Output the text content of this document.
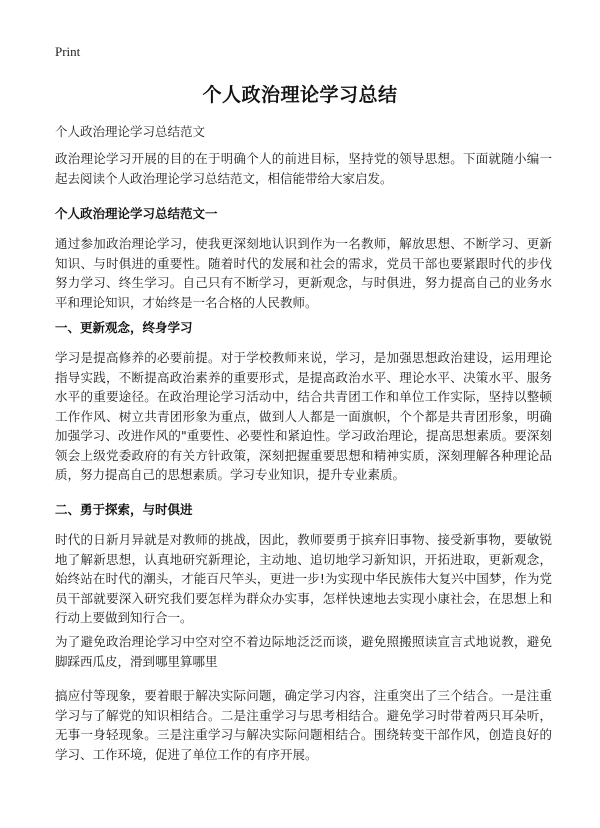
Print
个人政治理论学习总结
个人政治理论学习总结范文

政治理论学习开展的目的在于明确个人的前进目标，坚持党的领导思想。下面就随小编一起去阅读个人政治理论学习总结范文，相信能带给大家启发。

个人政治理论学习总结范文一

通过参加政治理论学习，使我更深刻地认识到作为一名教师，解放思想、不断学习、更新知识、与时俱进的重要性。随着时代的发展和社会的需求，党员干部也要紧跟时代的步伐努力学习、终生学习。自己只有不断学习，更新观念，与时俱进，努力提高自己的业务水平和理论知识，才始终是一名合格的人民教师。

一、更新观念，终身学习

学习是提高修养的必要前提。对于学校教师来说，学习，是加强思想政治建设，运用理论指导实践，不断提高政治素养的重要形式，是提高政治水平、理论水平、决策水平、服务水平的重要途径。在政治理论学习活动中，结合共青团工作和单位工作实际，坚持以整顿工作作风、树立共青团形象为重点，做到人人都是一面旗帜，个个都是共青团形象，明确加强学习、改进作风的"重要性、必要性和紧迫性。学习政治理论，提高思想素质。要深刻领会上级党委政府的有关方针政策，深刻把握重要思想和精神实质，深刻理解各种理论品质，努力提高自己的思想素质。学习专业知识，提升专业素质。

二、勇于探索，与时俱进

时代的日新月异就是对教师的挑战，因此，教师要勇于摈弃旧事物、接受新事物，要敏锐地了解新思想，认真地研究新理论，主动地、追切地学习新知识，开拓进取，更新观念，始终站在时代的潮头，才能百尺竿头，更进一步!为实现中华民族伟大复兴中国梦，作为党员干部就要深入研究我们要怎样为群众办实事，怎样快速地去实现小康社会，在思想上和行动上要做到知行合一。

为了避免政治理论学习中空对空不着边际地泛泛而谈，避免照搬照读宣言式地说教，避免脚踩西瓜皮，滑到哪里算哪里

搞应付等现象，要着眼于解决实际问题，确定学习内容，注重突出了三个结合。一是注重学习与了解党的知识相结合。二是注重学习与思考相结合。避免学习时带着两只耳朵听，无事一身轻现象。三是注重学习与解决实际问题相结合。围绕转变干部作风，创造良好的学习、工作环境，促进了单位工作的有序开展。
